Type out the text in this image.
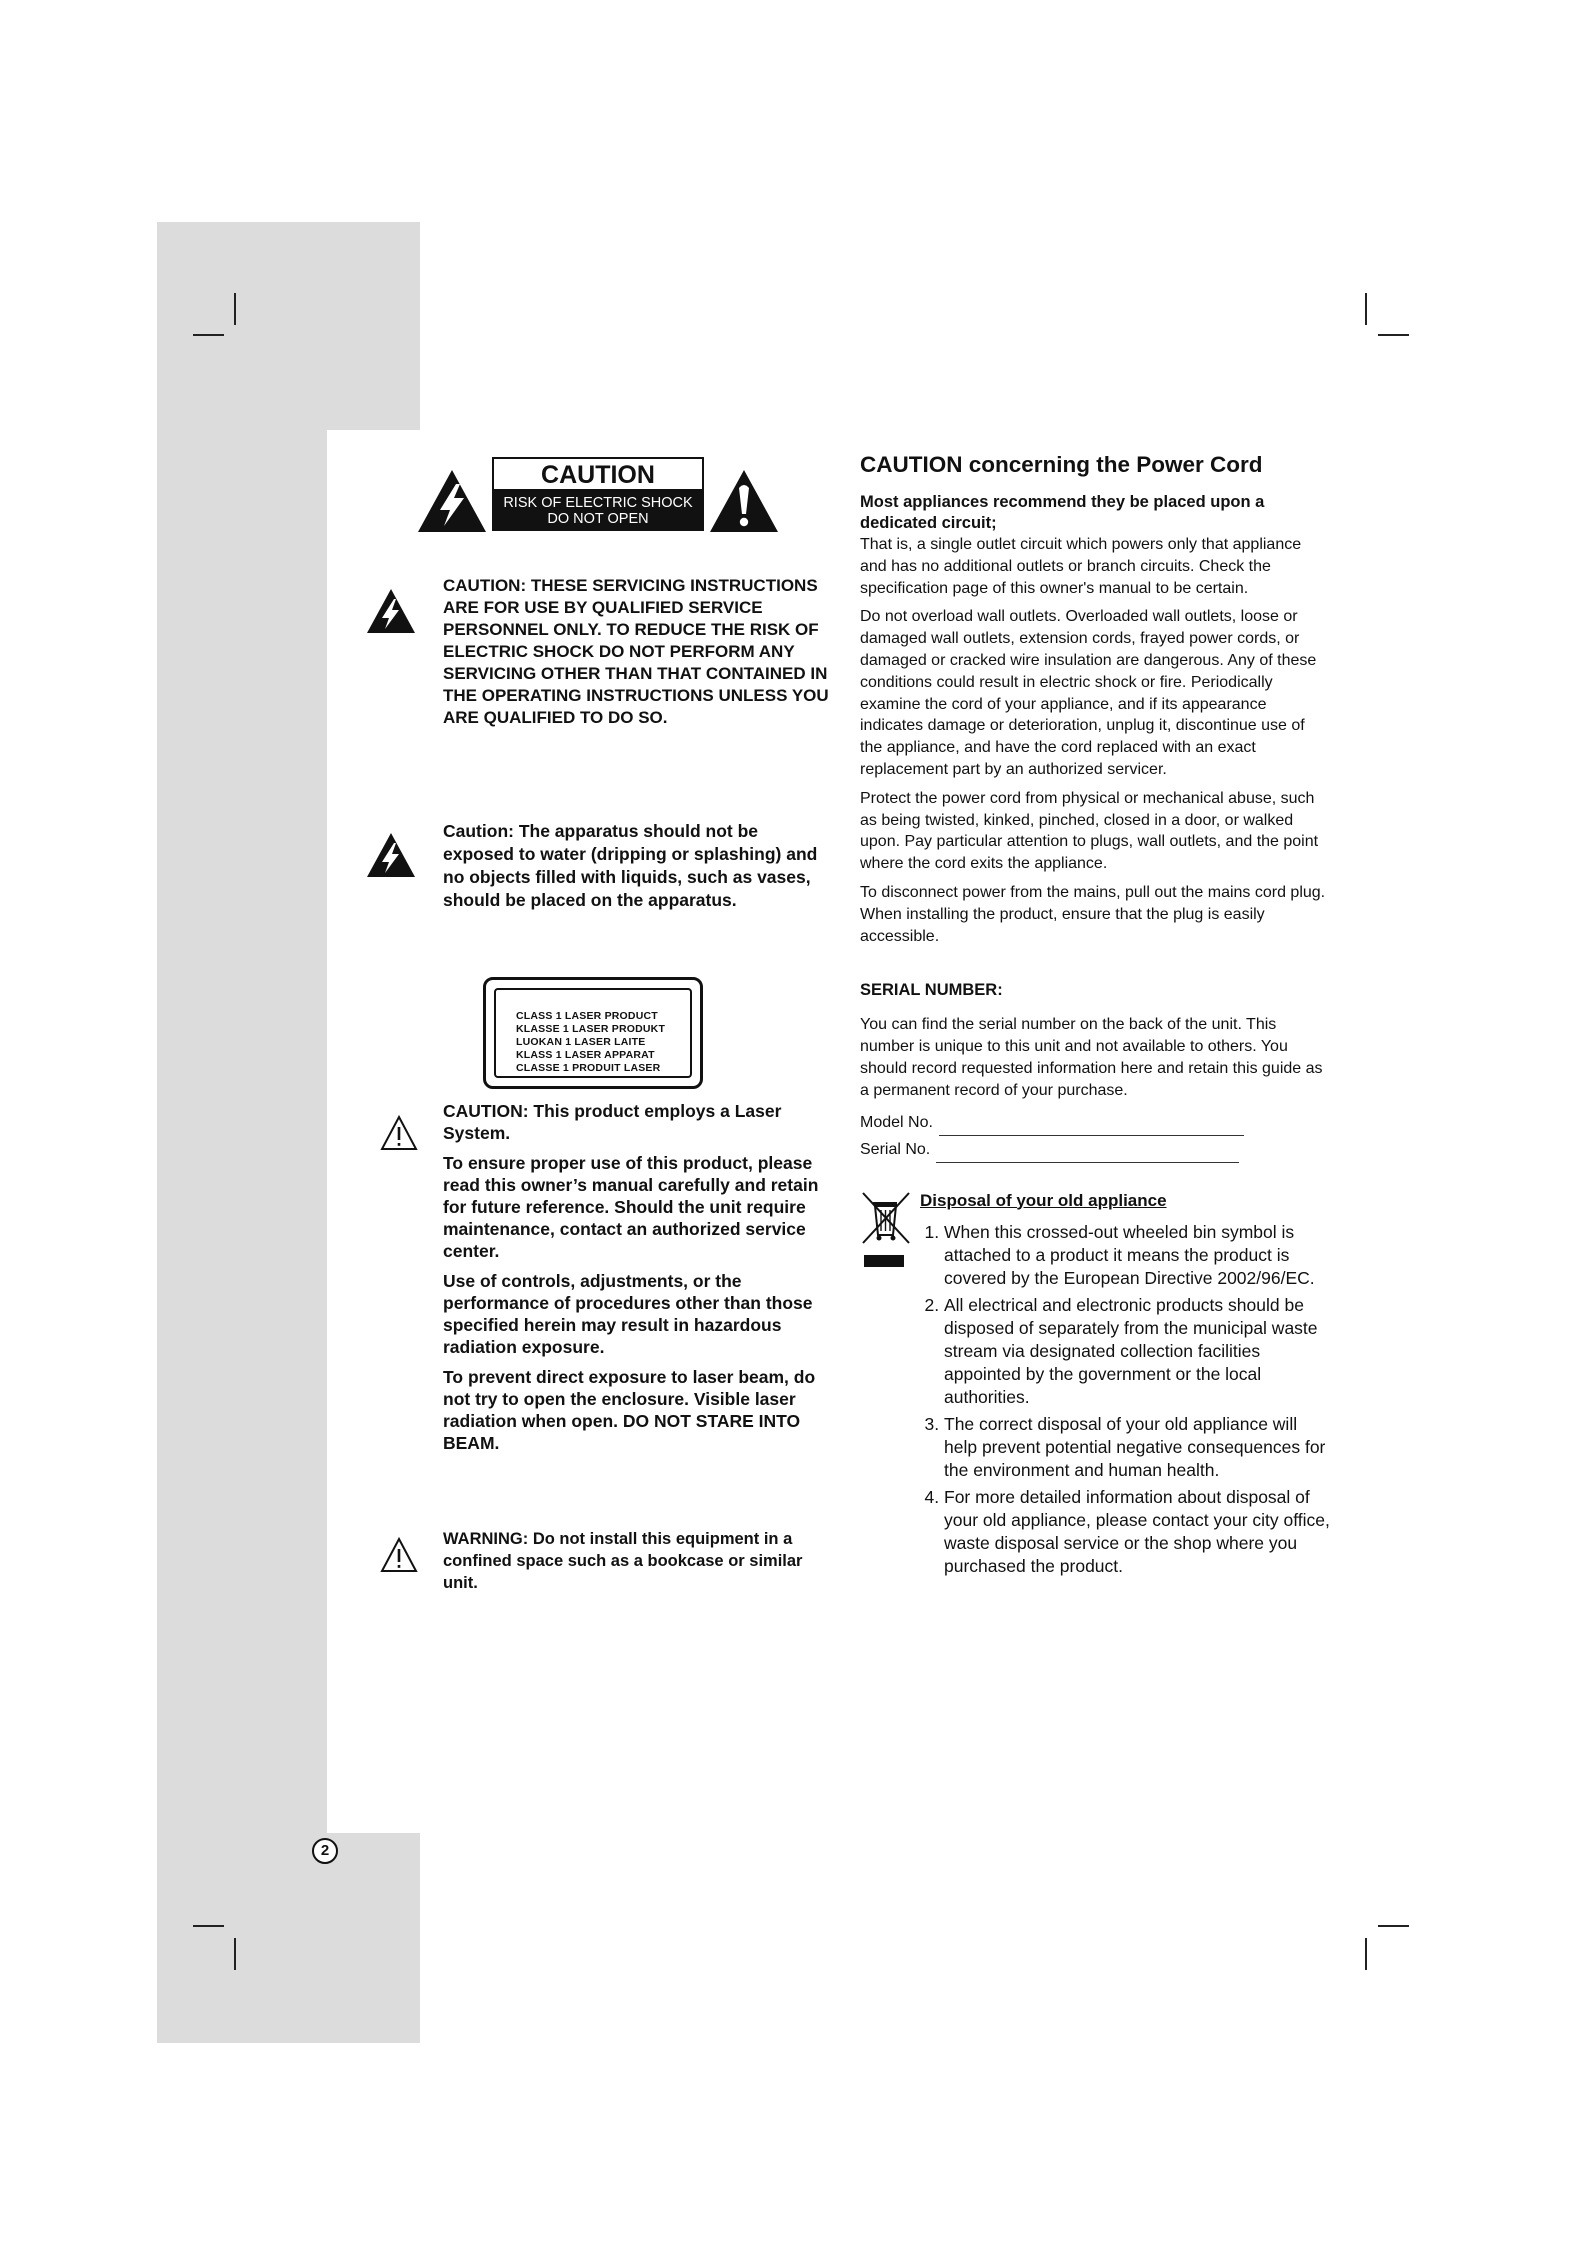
CAUTION
RISK OF ELECTRIC SHOCK
DO NOT OPEN

CAUTION: THESE SERVICING INSTRUCTIONS ARE FOR USE BY QUALIFIED SERVICE PERSONNEL ONLY. TO REDUCE THE RISK OF ELECTRIC SHOCK DO NOT PERFORM ANY SERVICING OTHER THAN THAT CONTAINED IN THE OPERATING INSTRUCTIONS UNLESS YOU ARE QUALIFIED TO DO SO.

Caution: The apparatus should not be exposed to water (dripping or splashing) and no objects filled with liquids, such as vases, should be placed on the apparatus.

CLASS 1 LASER PRODUCT
KLASSE 1 LASER PRODUKT
LUOKAN 1 LASER LAITE
KLASS 1 LASER APPARAT
CLASSE 1 PRODUIT LASER

CAUTION: This product employs a Laser System.

To ensure proper use of this product, please read this owner’s manual carefully and retain for future reference. Should the unit require maintenance, contact an authorized service center.

Use of controls, adjustments, or the performance of procedures other than those specified herein may result in hazardous radiation exposure.

To prevent direct exposure to laser beam, do not try to open the enclosure. Visible laser radiation when open. DO NOT STARE INTO BEAM.

WARNING: Do not install this equipment in a confined space such as a bookcase or similar unit.

CAUTION concerning the Power Cord

Most appliances recommend they be placed upon a dedicated circuit;

That is, a single outlet circuit which powers only that appliance and has no additional outlets or branch circuits. Check the specification page of this owner's manual to be certain.

Do not overload wall outlets. Overloaded wall outlets, loose or damaged wall outlets, extension cords, frayed power cords, or damaged or cracked wire insulation are dangerous. Any of these conditions could result in electric shock or fire. Periodically examine the cord of your appliance, and if its appearance indicates damage or deterioration, unplug it, discontinue use of the appliance, and have the cord replaced with an exact replacement part by an authorized servicer.

Protect the power cord from physical or mechanical abuse, such as being twisted, kinked, pinched, closed in a door, or walked upon. Pay particular attention to plugs, wall outlets, and the point where the cord exits the appliance.

To disconnect power from the mains, pull out the mains cord plug. When installing the product, ensure that the plug is easily accessible.

SERIAL NUMBER:

You can find the serial number on the back of the unit. This number is unique to this unit and not available to others. You should record requested information here and retain this guide as a permanent record of your purchase.

Model No.
Serial No.
Disposal of your old appliance
1. When this crossed-out wheeled bin symbol is attached to a product it means the product is covered by the European Directive 2002/96/EC.
2. All electrical and electronic products should be disposed of separately from the municipal waste stream via designated collection facilities appointed by the government or the local authorities.
3. The correct disposal of your old appliance will help prevent potential negative consequences for the environment and human health.
4. For more detailed information about disposal of your old appliance, please contact your city office, waste disposal service or the shop where you purchased the product.
2
